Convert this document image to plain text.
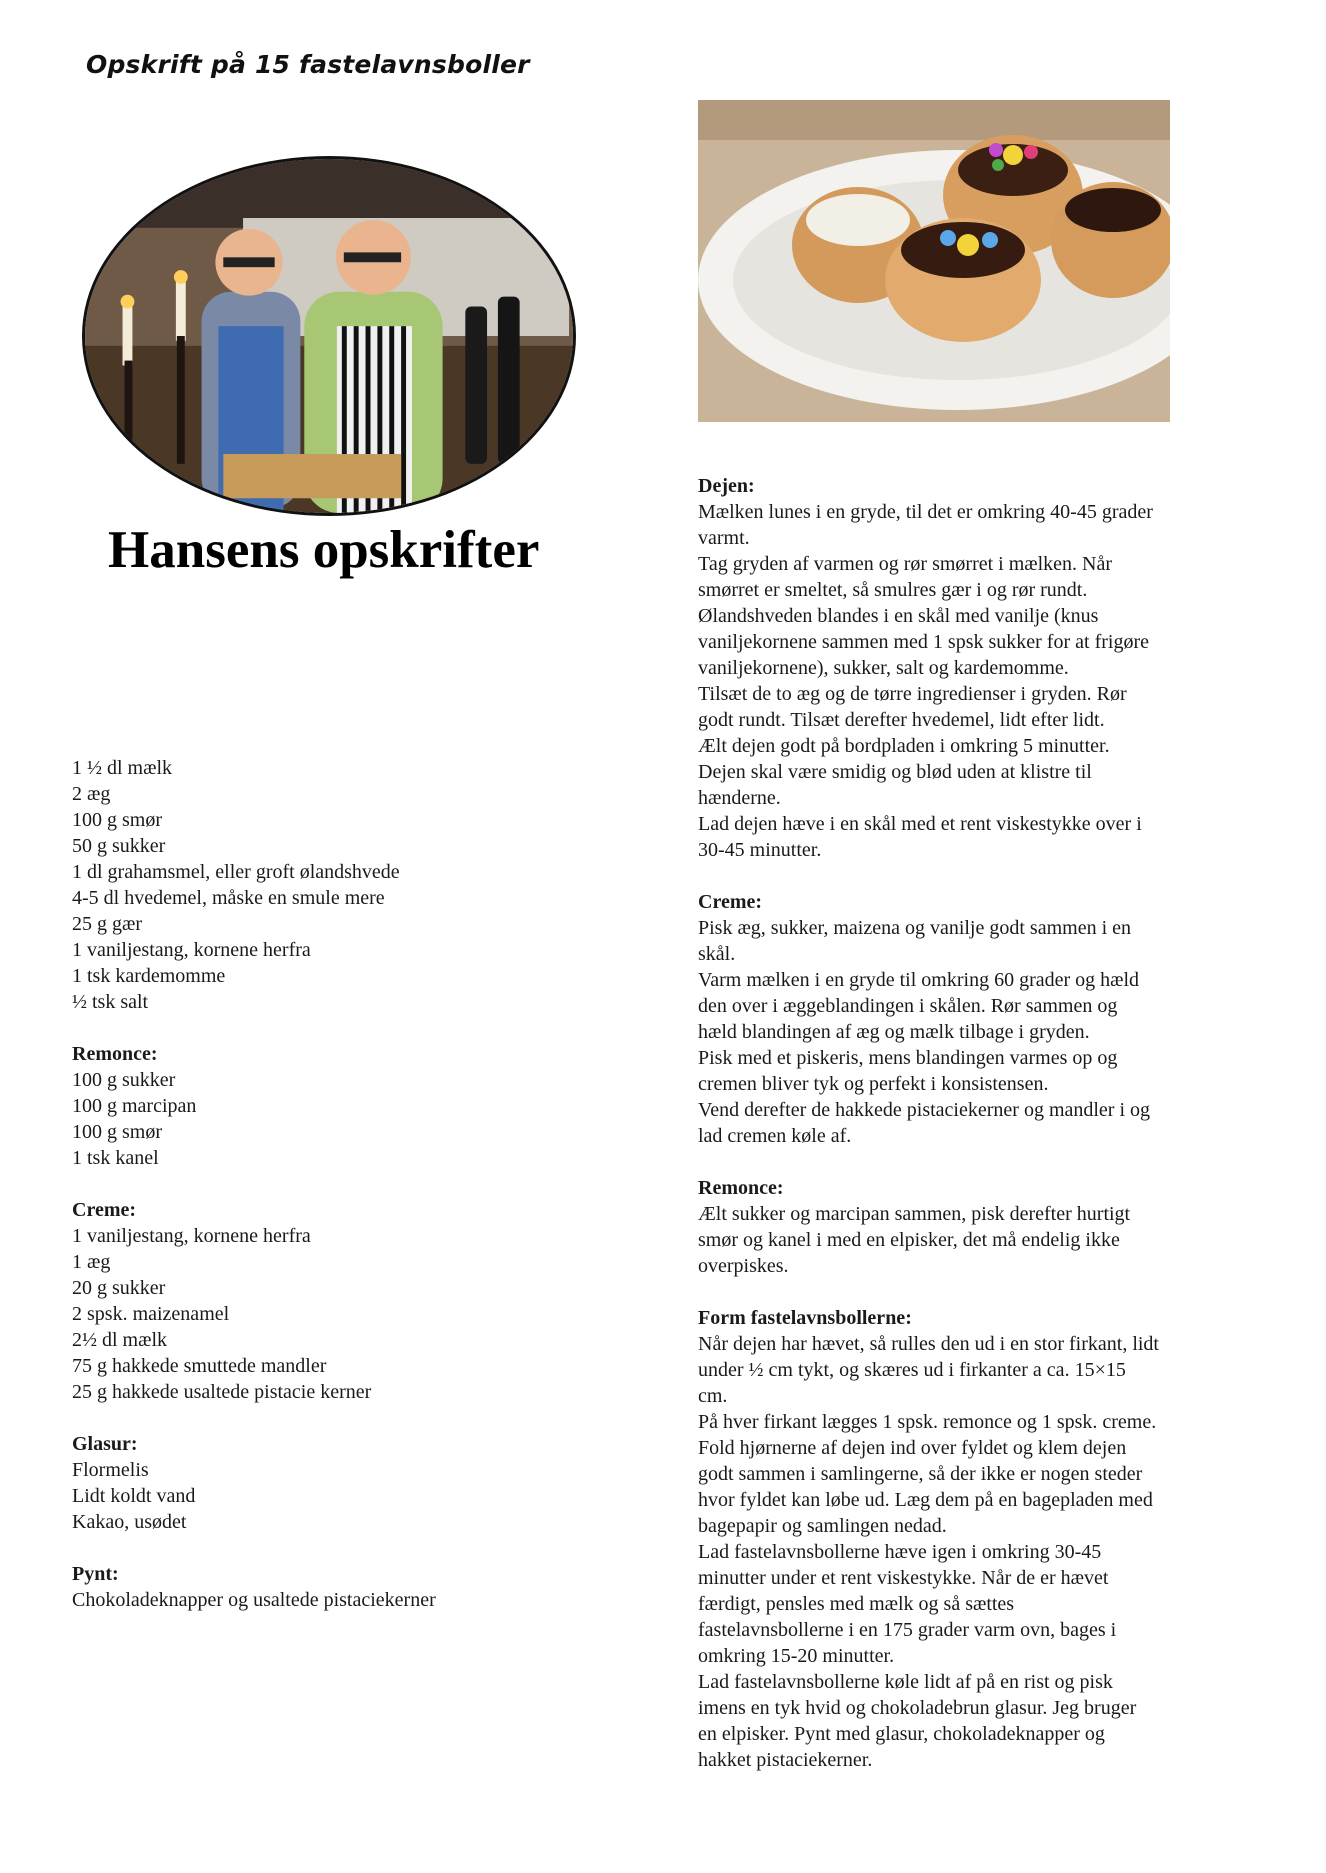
Opskrift på 15 fastelavnsboller
Hansens opskrifter
1 ½ dl mælk
2 æg
100 g smør
50 g sukker
1 dl grahamsmel, eller groft ølandshvede
4-5 dl hvedemel, måske en smule mere
25 g gær
1 vaniljestang, kornene herfra
1 tsk kardemomme
½ tsk salt
Remonce:
100 g sukker
100 g marcipan
100 g smør
1 tsk kanel
Creme:
1 vaniljestang, kornene herfra
1 æg
20 g sukker
2 spsk. maizenamel
2½ dl mælk
75 g hakkede smuttede mandler
25 g hakkede usaltede pistacie kerner
Glasur:
Flormelis
Lidt koldt vand
Kakao, usødet
Pynt:
Chokoladeknapper og usaltede pistaciekerner
Dejen:
Mælken lunes i en gryde, til det er omkring 40-45 grader
varmt.
Tag gryden af varmen og rør smørret i mælken. Når
smørret er smeltet, så smulres gær i og rør rundt.
Ølandshveden blandes i en skål med vanilje (knus
vaniljekornene sammen med 1 spsk sukker for at frigøre
vaniljekornene), sukker, salt og kardemomme.
Tilsæt de to æg og de tørre ingredienser i gryden. Rør
godt rundt. Tilsæt derefter hvedemel, lidt efter lidt.
Ælt dejen godt på bordpladen i omkring 5 minutter.
Dejen skal være smidig og blød uden at klistre til
hænderne.
Lad dejen hæve i en skål med et rent viskestykke over i
30-45 minutter.
Creme:
Pisk æg, sukker, maizena og vanilje godt sammen i en
skål.
Varm mælken i en gryde til omkring 60 grader og hæld
den over i æggeblandingen i skålen. Rør sammen og
hæld blandingen af æg og mælk tilbage i gryden.
Pisk med et piskeris, mens blandingen varmes op og
cremen bliver tyk og perfekt i konsistensen.
Vend derefter de hakkede pistaciekerner og mandler i og
lad cremen køle af.
Remonce:
Ælt sukker og marcipan sammen, pisk derefter hurtigt
smør og kanel i med en elpisker, det må endelig ikke
overpiskes.
Form fastelavnsbollerne:
Når dejen har hævet, så rulles den ud i en stor firkant, lidt
under ½ cm tykt, og skæres ud i firkanter a ca. 15×15
cm.
På hver firkant lægges 1 spsk. remonce og 1 spsk. creme.
Fold hjørnerne af dejen ind over fyldet og klem dejen
godt sammen i samlingerne, så der ikke er nogen steder
hvor fyldet kan løbe ud. Læg dem på en bagepladen med
bagepapir og samlingen nedad.
Lad fastelavnsbollerne hæve igen i omkring 30-45
minutter under et rent viskestykke. Når de er hævet
færdigt, pensles med mælk og så sættes
fastelavnsbollerne i en 175 grader varm ovn, bages i
omkring 15-20 minutter.
Lad fastelavnsbollerne køle lidt af på en rist og pisk
imens en tyk hvid og chokoladebrun glasur. Jeg bruger
en elpisker. Pynt med glasur, chokoladeknapper og
hakket pistaciekerner.
